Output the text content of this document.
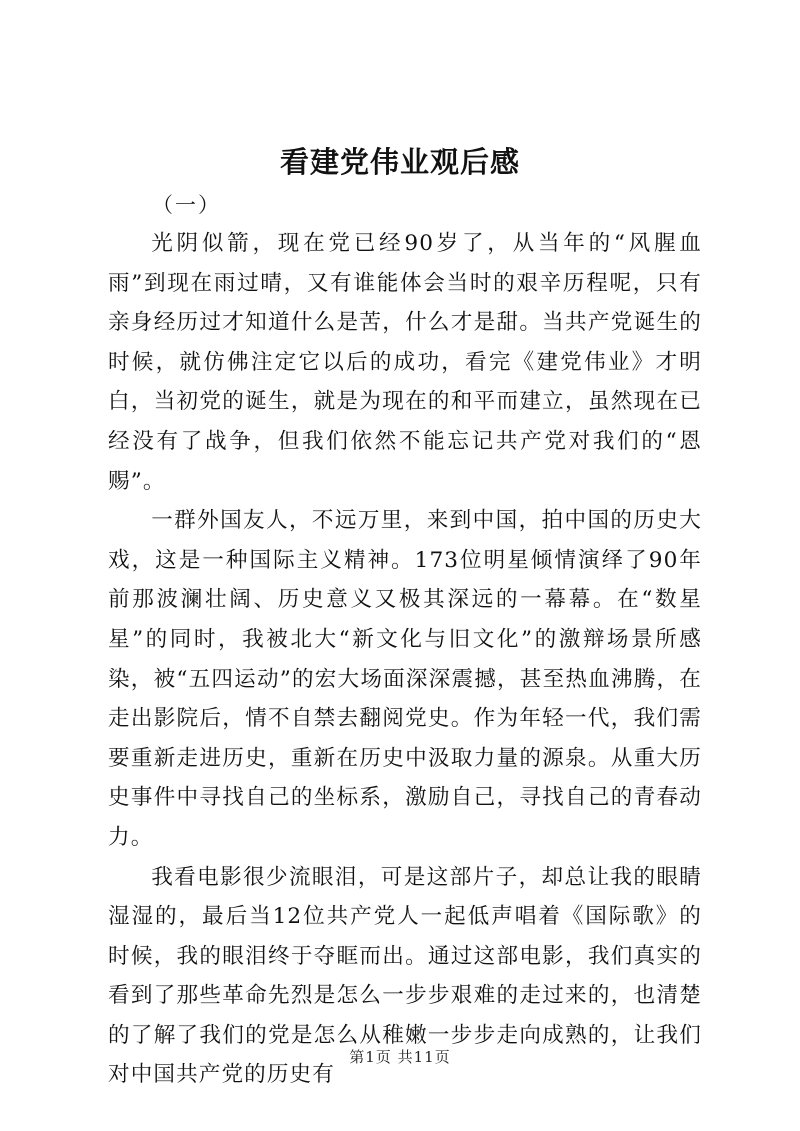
看建党伟业观后感
（一）

光阴似箭，现在党已经90岁了，从当年的“风腥血雨”到现在雨过晴，又有谁能体会当时的艰辛历程呢，只有亲身经历过才知道什么是苦，什么才是甜。当共产党诞生的时候，就仿佛注定它以后的成功，看完《建党伟业》才明白，当初党的诞生，就是为现在的和平而建立，虽然现在已经没有了战争，但我们依然不能忘记共产党对我们的“恩赐”。

一群外国友人，不远万里，来到中国，拍中国的历史大戏，这是一种国际主义精神。173位明星倾情演绎了90年前那波澜壮阔、历史意义又极其深远的一幕幕。在“数星星”的同时，我被北大“新文化与旧文化”的激辩场景所感染，被“五四运动”的宏大场面深深震撼，甚至热血沸腾，在走出影院后，情不自禁去翻阅党史。作为年轻一代，我们需要重新走进历史，重新在历史中汲取力量的源泉。从重大历史事件中寻找自己的坐标系，激励自己，寻找自己的青春动力。

我看电影很少流眼泪，可是这部片子，却总让我的眼睛湿湿的，最后当12位共产党人一起低声唱着《国际歌》的时候，我的眼泪终于夺眶而出。通过这部电影，我们真实的看到了那些革命先烈是怎么一步步艰难的走过来的，也清楚的了解了我们的党是怎么从稚嫩一步步走向成熟的，让我们对中国共产党的历史有

第1页 共11页
